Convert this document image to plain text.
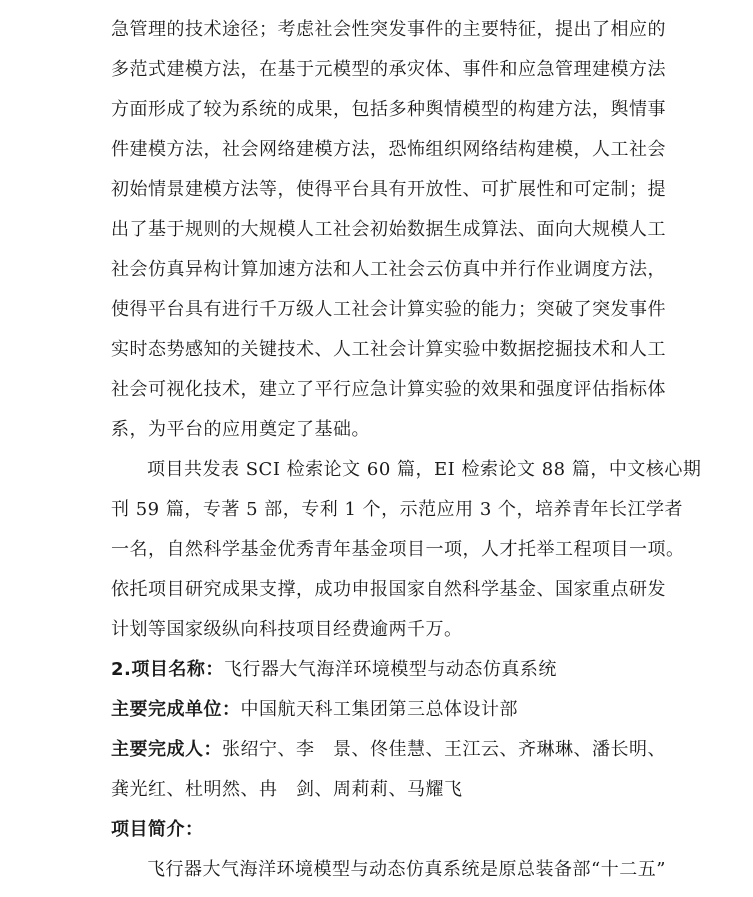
急管理的技术途径；考虑社会性突发事件的主要特征，提出了相应的
多范式建模方法，在基于元模型的承灾体、事件和应急管理建模方法
方面形成了较为系统的成果，包括多种舆情模型的构建方法，舆情事
件建模方法，社会网络建模方法，恐怖组织网络结构建模，人工社会
初始情景建模方法等，使得平台具有开放性、可扩展性和可定制；提
出了基于规则的大规模人工社会初始数据生成算法、面向大规模人工
社会仿真异构计算加速方法和人工社会云仿真中并行作业调度方法，
使得平台具有进行千万级人工社会计算实验的能力；突破了突发事件
实时态势感知的关键技术、人工社会计算实验中数据挖掘技术和人工
社会可视化技术，建立了平行应急计算实验的效果和强度评估指标体
系，为平台的应用奠定了基础。
项目共发表 SCI 检索论文 60 篇，EI 检索论文 88 篇，中文核心期
刊 59 篇，专著 5 部，专利 1 个，示范应用 3 个，培养青年长江学者
一名，自然科学基金优秀青年基金项目一项，人才托举工程项目一项。
依托项目研究成果支撑，成功申报国家自然科学基金、国家重点研发
计划等国家级纵向科技项目经费逾两千万。
2.项目名称：飞行器大气海洋环境模型与动态仿真系统
主要完成单位：中国航天科工集团第三总体设计部
主要完成人：张绍宁、李　景、佟佳慧、王江云、齐琳琳、潘长明、
龚光红、杜明然、冉　剑、周莉莉、马耀飞
项目简介：
飞行器大气海洋环境模型与动态仿真系统是原总装备部“十二五”
